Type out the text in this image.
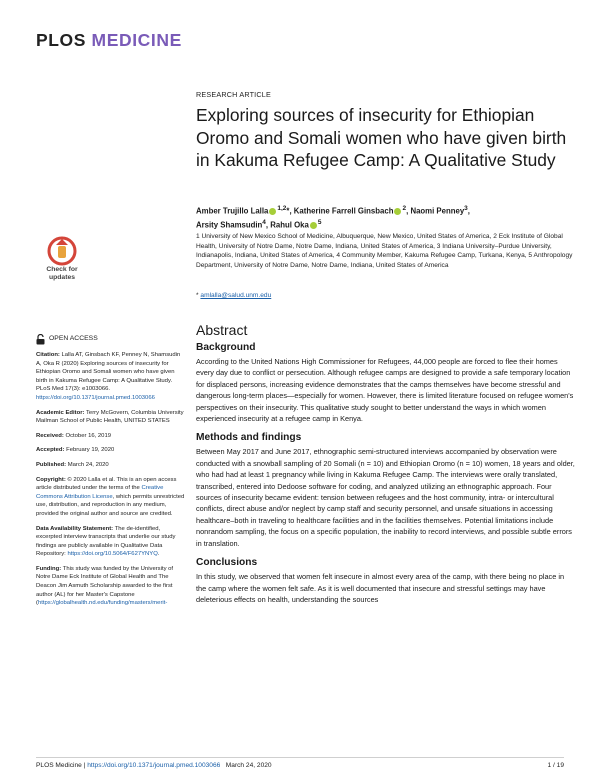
PLOS MEDICINE
Check for updates
RESEARCH ARTICLE
Exploring sources of insecurity for Ethiopian Oromo and Somali women who have given birth in Kakuma Refugee Camp: A Qualitative Study
Amber Trujillo Lalla $^{1,2}$*, Katherine Farrell Ginsbach $^2$, Naomi Penney$^3$,
Arsity Shamsudin$^4$, Rahul Oka $^5$
1 University of New Mexico School of Medicine, Albuquerque, New Mexico, United States of America, 2 Eck Institute of Global Health, University of Notre Dame, Notre Dame, Indiana, United States of America, 3 Indiana University–Purdue University, Indianapolis, Indiana, United States of America, 4 Community Member, Kakuma Refugee Camp, Turkana, Kenya, 5 Anthropology Department, University of Notre Dame, Notre Dame, Indiana, United States of America
* amlalla@salud.unm.edu
OPEN ACCESS
Citation: Lalla AT, Ginsbach KF, Penney N, Shamsudin A, Oka R (2020) Exploring sources of insecurity for Ethiopian Oromo and Somali women who have given birth in Kakuma Refugee Camp: A Qualitative Study. PLoS Med 17(3): e1003066. https://doi.org/10.1371/journal.pmed.1003066
Academic Editor: Terry McGovern, Columbia University Mailman School of Public Health, UNITED STATES
Received: October 16, 2019
Accepted: February 19, 2020
Published: March 24, 2020
Copyright: © 2020 Lalla et al. This is an open access article distributed under the terms of the Creative Commons Attribution License, which permits unrestricted use, distribution, and reproduction in any medium, provided the original author and source are credited.
Data Availability Statement: The de-identified, excerpted interview transcripts that underlie our study findings are publicly available in Qualitative Data Repository: https://doi.org/10.5064/F627YNYQ.
Funding: This study was funded by the University of Notre Dame Eck Institute of Global Health and The Deacon Jim Asmuth Scholarship awarded to the first author (AL) for her Master's Capstone (https://globalhealth.nd.edu/funding/masters/merit-
Abstract
Background

According to the United Nations High Commissioner for Refugees, 44,000 people are forced to flee their homes every day due to conflict or persecution. Although refugee camps are designed to provide a safe temporary location for displaced persons, increasing evidence demonstrates that the camps themselves have become stressful and dangerous long-term places—especially for women. However, there is limited literature focused on refugee women's perspectives on their insecurity. This qualitative study sought to better understand the ways in which women experienced insecurity at a refugee camp in Kenya.

Methods and findings

Between May 2017 and June 2017, ethnographic semi-structured interviews accompanied by observation were conducted with a snowball sampling of 20 Somali (n = 10) and Ethiopian Oromo (n = 10) women, 18 years and older, who had had at least 1 pregnancy while living in Kakuma Refugee Camp. The interviews were orally translated, transcribed, entered into Dedoose software for coding, and analyzed utilizing an ethnographic approach. Four sources of insecurity became evident: tension between refugees and the host community, intra- or intercultural conflicts, direct abuse and/or neglect by camp staff and security personnel, and unsafe situations in accessing healthcare–both in traveling to healthcare facilities and in the facilities themselves. Potential limitations include nonrandom sampling, the focus on a specific population, the inability to record interviews, and possible subtle errors in translation.

Conclusions

In this study, we observed that women felt insecure in almost every area of the camp, with there being no place in the camp where the women felt safe. As it is well documented that insecure and stressful settings may have deleterious effects on health, understanding the sources

PLOS Medicine | https://doi.org/10.1371/journal.pmed.1003066 March 24, 2020	1 / 19
